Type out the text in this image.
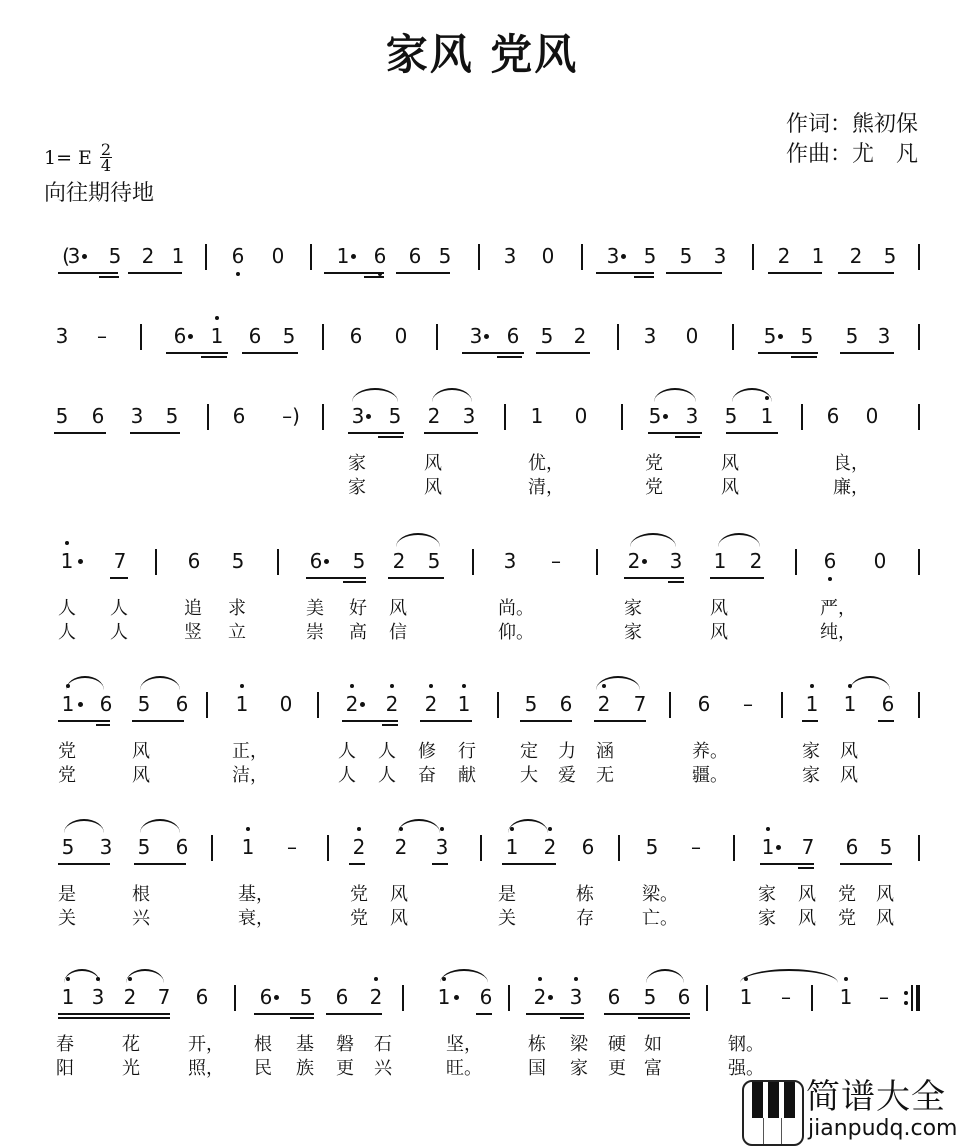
家风 党风
作词：熊初保
作曲：尤　凡
1= E $\frac{2}{4}$
向往期待地
(
3 5 2 1 6 0	1 6 6 5	3 0	3 5 5 3	2 1 2 5
3 –	6 1 6 5	6 0	3 6 5 2	3 0	5 5 5 3
5 6 3 5	6	–)	3 5 2 3	1 0	5 3 5 1	6 0
家	风	优，	党	风	良，
家	风	清，	党	风	廉，
1 7	6 5	6 5 2 5	3 –	2 3 1 2	6 0
人 人	追 求	美 好 风	尚。	家	风	严，
人 人	竖 立	崇 高 信	仰。	家	风	纯，
1 6 5 6 1 0	2 2 2 1	5 6 2 7	6 –	1 1 6
党	风	正，	人 人 修 行 定 力 涵	养。	家 风
党	风	洁，	人 人 奋 献 大 爱 无	疆。	家 风
5 3 5 6	1 –	2 2 3	1 2 6	5 –	1 7 6 5
是	根	基，	党 风	是	栋	梁。	家 风 党 风
关	兴	衰，	党 风	关	存	亡。	家 风 党 风
1 3 2 7 6	6 5 6 2	1 6 2 3 6 5 6 1 – 1 –
春	花	开， 根 基 磐 石	坚，	栋 梁 硬 如	钢。
阳	光	照， 民 族 更 兴	旺。	国 家 更 富	强。
简谱大全
jianpudq.com
